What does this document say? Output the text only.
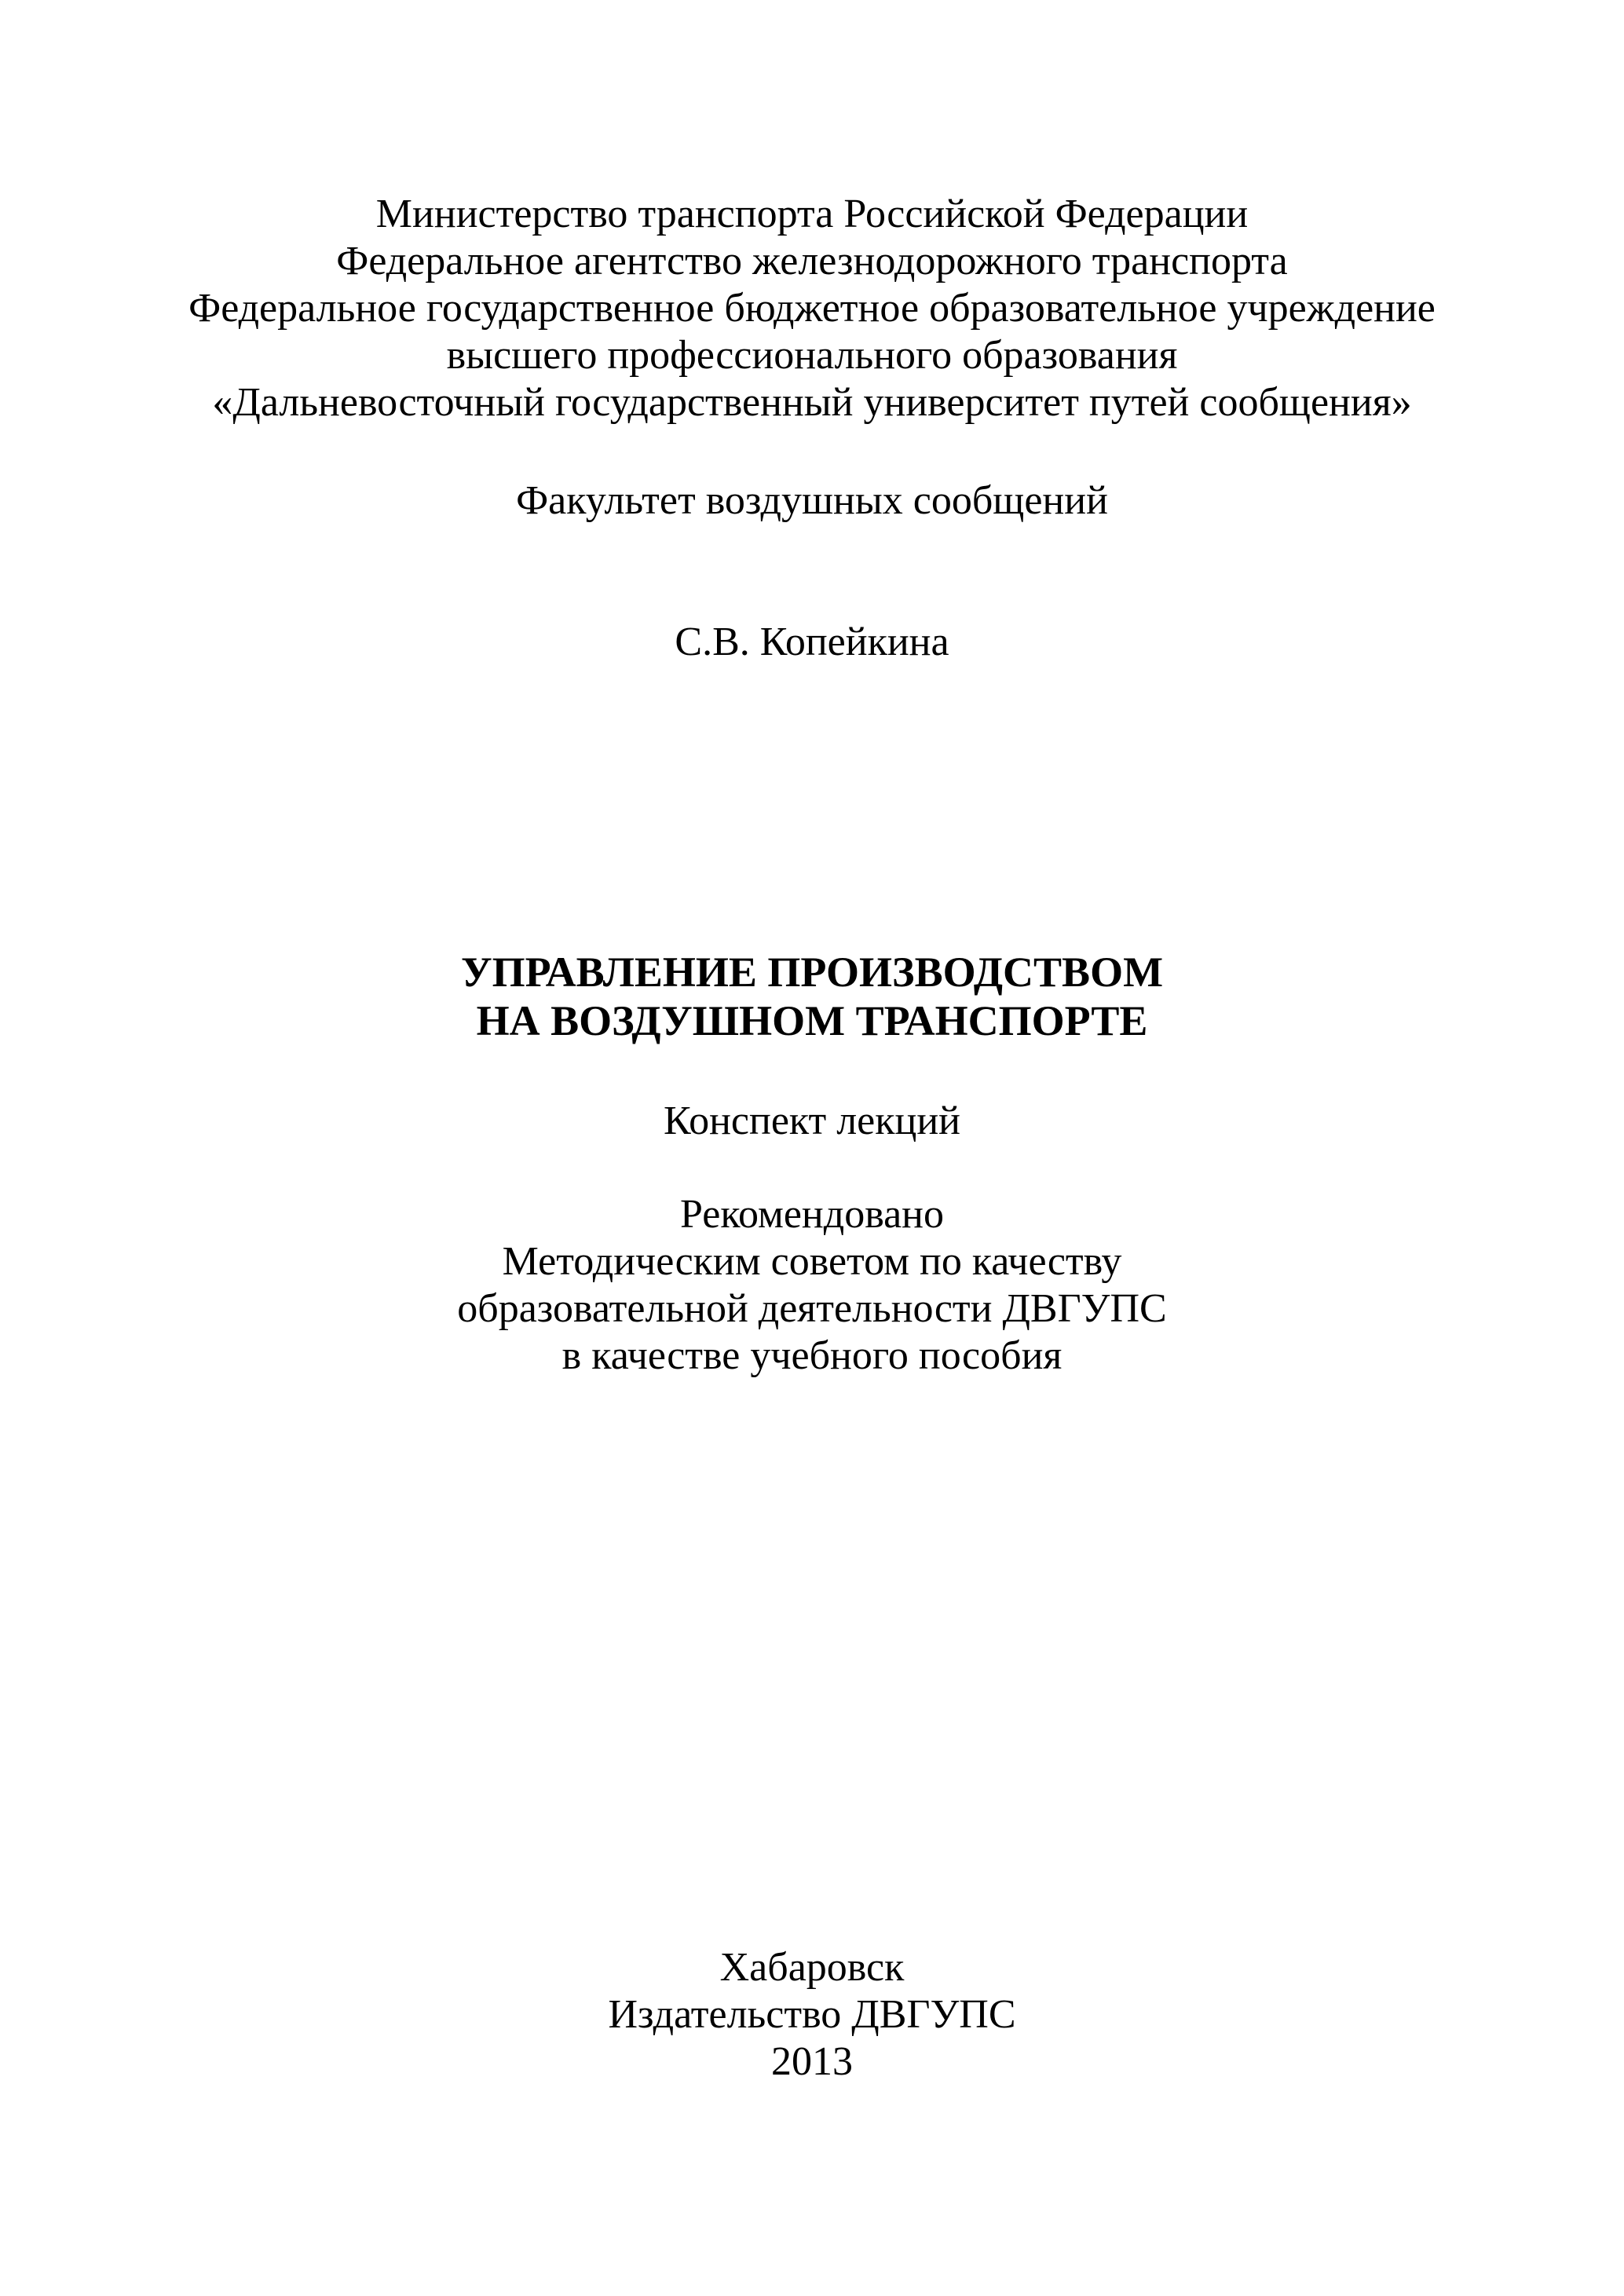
Министерство транспорта Российской Федерации
Федеральное агентство железнодорожного транспорта
Федеральное государственное бюджетное образовательное учреждение
высшего профессионального образования
«Дальневосточный государственный университет путей сообщения»
Факультет воздушных сообщений
С.В. Копейкина
УПРАВЛЕНИЕ ПРОИЗВОДСТВОМ
НА ВОЗДУШНОМ ТРАНСПОРТЕ
Конспект лекций
Рекомендовано
Методическим советом по качеству
образовательной деятельности ДВГУПС
в качестве учебного пособия
Хабаровск
Издательство ДВГУПС
2013
